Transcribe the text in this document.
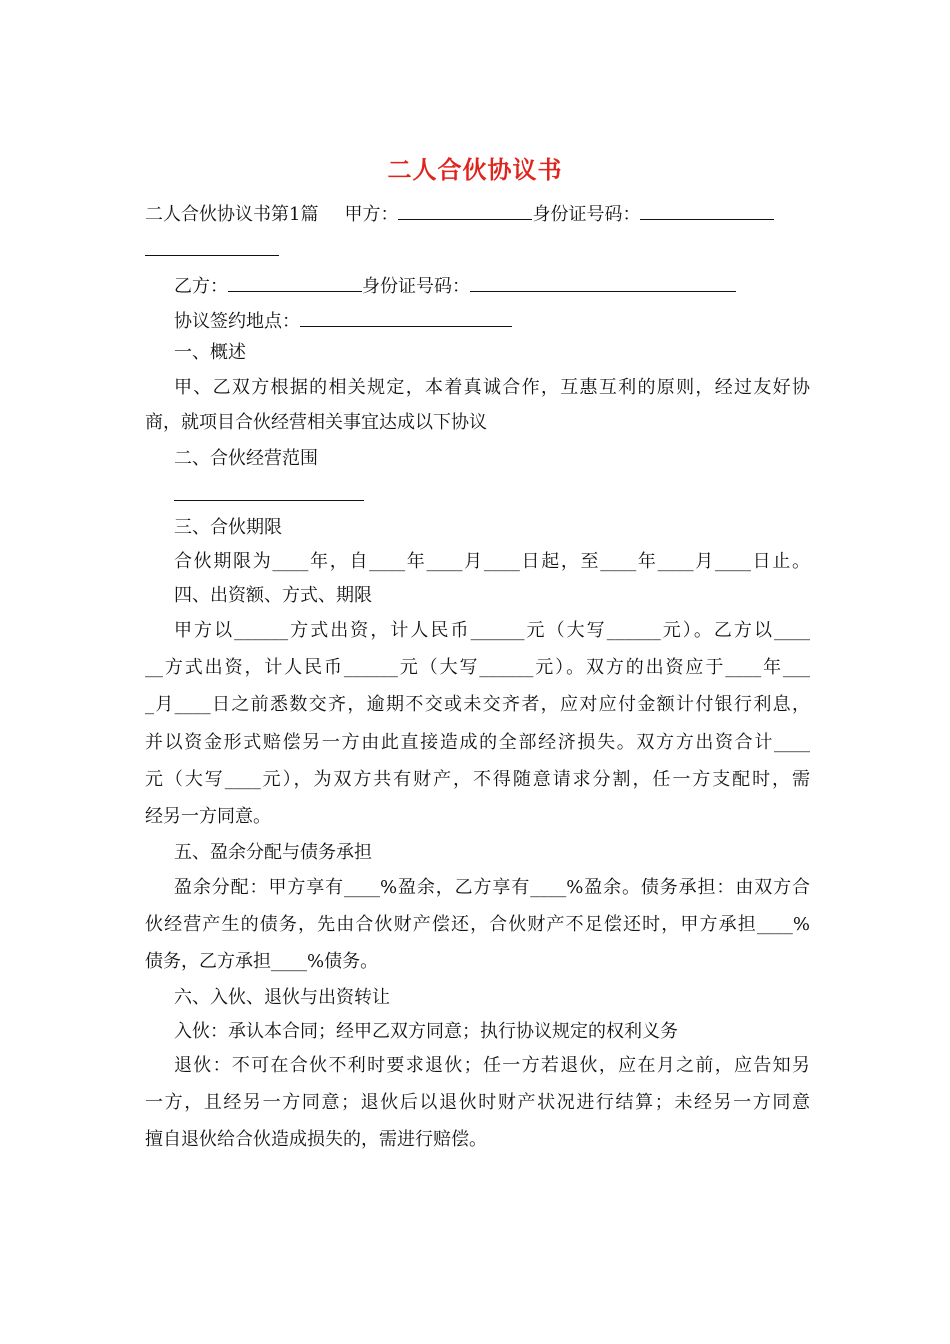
二人合伙协议书
二人合伙协议书第1篇 甲方：	身份证号码：
乙方：	身份证号码：
协议签约地点：
一、概述
甲、乙双方根据的相关规定，本着真诚合作，互惠互利的原则，经过友好协
商，就项目合伙经营相关事宜达成以下协议
二、合伙经营范围
三、合伙期限
合伙期限为____年，自____年____月____日起，至____年____月____日止。
四、出资额、方式、期限
甲方以______方式出资，计人民币______元（大写______元）。乙方以____
__方式出资，计人民币______元（大写______元）。双方的出资应于____年___
_月____日之前悉数交齐，逾期不交或未交齐者，应对应付金额计付银行利息，
并以资金形式赔偿另一方由此直接造成的全部经济损失。双方方出资合计____
元（大写____元），为双方共有财产，不得随意请求分割，任一方支配时，需
经另一方同意。
五、盈余分配与债务承担
盈余分配：甲方享有____%盈余，乙方享有____%盈余。债务承担：由双方合
伙经营产生的债务，先由合伙财产偿还，合伙财产不足偿还时，甲方承担____%
债务，乙方承担____%债务。
六、入伙、退伙与出资转让
入伙：承认本合同；经甲乙双方同意；执行协议规定的权利义务
退伙：不可在合伙不利时要求退伙；任一方若退伙，应在月之前，应告知另
一方，且经另一方同意；退伙后以退伙时财产状况进行结算；未经另一方同意
擅自退伙给合伙造成损失的，需进行赔偿。
